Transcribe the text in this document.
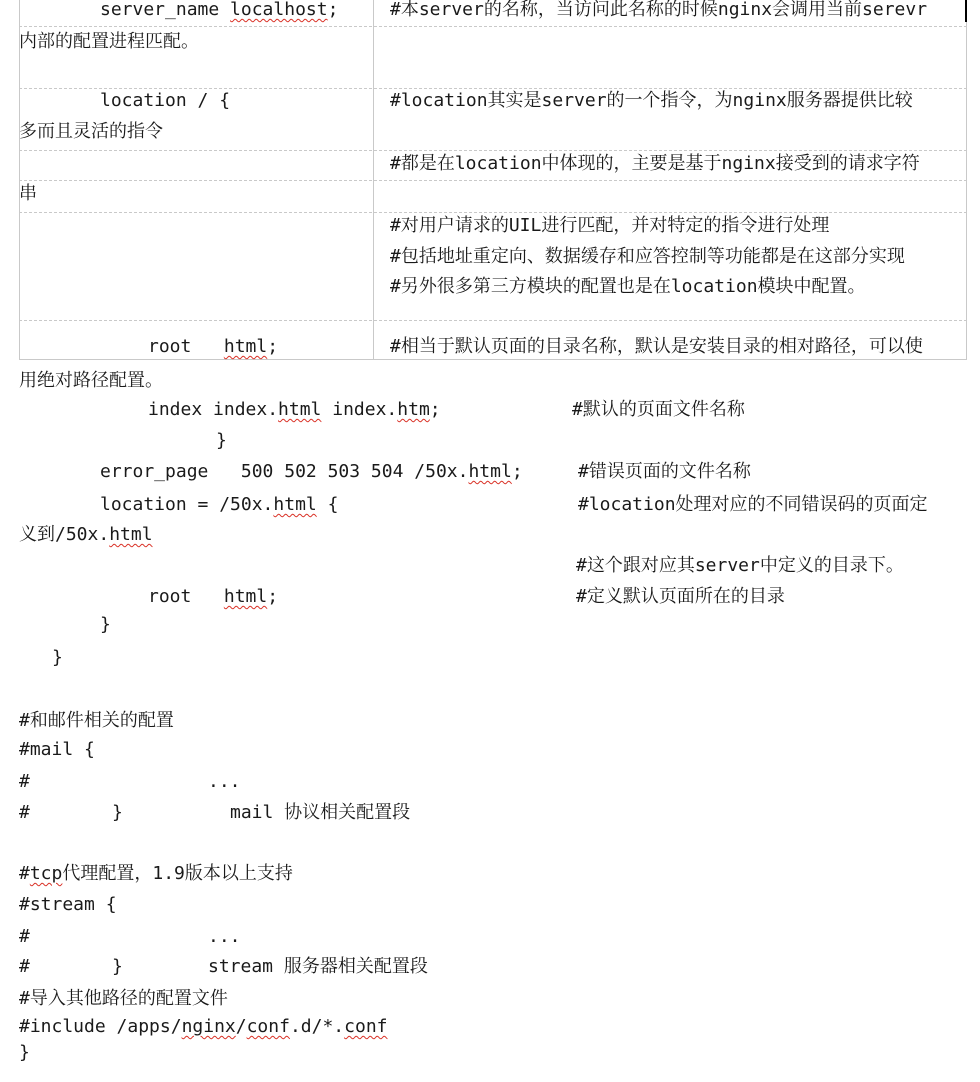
server_name localhost;	#本server的名称，当访问此名称的时候nginx会调用当前serevr
内部的配置进程匹配。
location / {	#location其实是server的一个指令，为nginx服务器提供比较
多而且灵活的指令
#都是在location中体现的，主要是基于nginx接受到的请求字符
串
#对用户请求的UIL进行匹配，并对特定的指令进行处理
#包括地址重定向、数据缓存和应答控制等功能都是在这部分实现
#另外很多第三方模块的配置也是在location模块中配置。
root   html;	#相当于默认页面的目录名称，默认是安装目录的相对路径，可以使
用绝对路径配置。
index index.html index.htm;	#默认的页面文件名称
}
error_page   500 502 503 504 /50x.html;	#错误页面的文件名称
location = /50x.html {	#location处理对应的不同错误码的页面定
义到/50x.html
#这个跟对应其server中定义的目录下。
root   html;	#定义默认页面所在的目录
}
}
#和邮件相关的配置
#mail {
#	...
#	}	mail 协议相关配置段
#tcp代理配置，1.9版本以上支持
#stream {
#	...
#	}	stream 服务器相关配置段
#导入其他路径的配置文件
#include /apps/nginx/conf.d/*.conf
}
